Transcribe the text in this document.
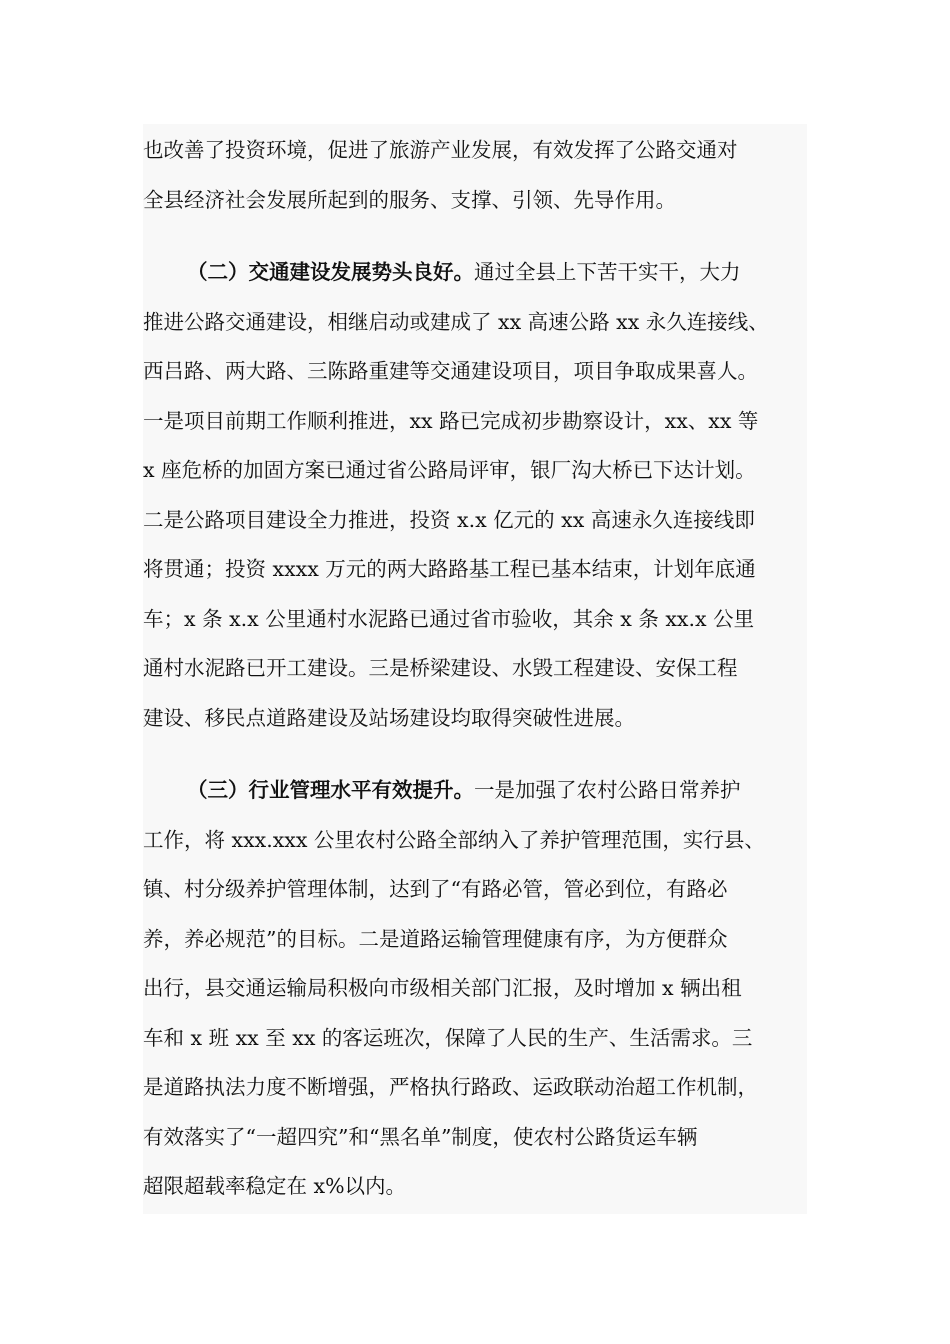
也改善了投资环境，促进了旅游产业发展，有效发挥了公路交通对
全县经济社会发展所起到的服务、支撑、引领、先导作用。
（二）交通建设发展势头良好。通过全县上下苦干实干，大力
推进公路交通建设，相继启动或建成了 xx 高速公路 xx 永久连接线、
西吕路、两大路、三陈路重建等交通建设项目，项目争取成果喜人。
一是项目前期工作顺利推进，xx 路已完成初步勘察设计，xx、xx 等
x 座危桥的加固方案已通过省公路局评审，银厂沟大桥已下达计划。
二是公路项目建设全力推进，投资 x.x 亿元的 xx 高速永久连接线即
将贯通；投资 xxxx 万元的两大路路基工程已基本结束，计划年底通
车；x 条 x.x 公里通村水泥路已通过省市验收，其余 x 条 xx.x 公里
通村水泥路已开工建设。三是桥梁建设、水毁工程建设、安保工程
建设、移民点道路建设及站场建设均取得突破性进展。
（三）行业管理水平有效提升。一是加强了农村公路日常养护
工作，将 xxx.xxx 公里农村公路全部纳入了养护管理范围，实行县、
镇、村分级养护管理体制，达到了“有路必管，管必到位，有路必
养，养必规范”的目标。二是道路运输管理健康有序，为方便群众
出行，县交通运输局积极向市级相关部门汇报，及时增加 x 辆出租
车和 x 班 xx 至 xx 的客运班次，保障了人民的生产、生活需求。三
是道路执法力度不断增强，严格执行路政、运政联动治超工作机制，
有效落实了“一超四究”和“黑名单”制度，使农村公路货运车辆
超限超载率稳定在 x%以内。
